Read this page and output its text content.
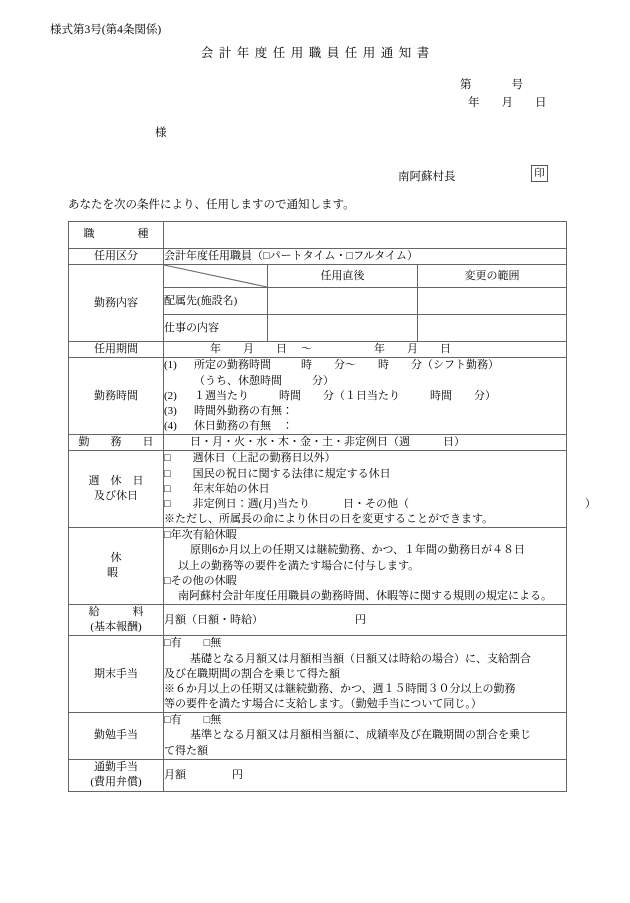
様式第3号(第4条関係)
会計年度任用職員任用通知書
第	号
年 月 日
様
南阿蘇村長	印
あなたを次の条件により、任用しますので通知します。
職　　種			
任用区分	会計年度任用職員（□パートタイム・□フルタイム）		
勤務内容		任用直後	変更の範囲
	配属先(施設名)		
	仕事の内容		
任用期間	年 月 日 ～ 年 月 日		
勤務時間	(1) 所定の勤務時間 時 分～ 時 分（シフト勤務）
（うち、休憩時間 分）
(2) １週当たり 時間 分（１日当たり 時間 分）
(3) 時間外勤務の有無：
(4) 休日勤務の有無　：		

勤　務　日	日・月・火・水・木・金・土・非定例日（週　　　日）		

週　休　日
及び休日	□　　週休日（上記の勤務日以外）
□　　国民の祝日に関する法律に規定する休日
□　　年末年始の休日
□　　非定例日：週(月)当たり　　　日・その他（　　　　　　　　　　　　　　　　）
※ただし、所属長の命により休日の日を変更することができます。		

休　　　暇	□年次有給休暇
原則6か月以上の任期又は継続勤務、かつ、１年間の勤務日が４８日
以上の勤務等の要件を満たす場合に付与します。
□その他の休暇
南阿蘇村会計年度任用職員の勤務時間、休暇等に関する規則の規定による。		

給　　　料
(基本報酬)	月額（日額・時給） 円		
期末手当	□有 □無
基礎となる月額又は月額相当額（日額又は時給の場合）に、支給割合
及び在職期間の割合を乗じて得た額
※６か月以上の任期又は継続勤務、かつ、週１５時間３０分以上の勤務
等の要件を満たす場合に支給します。（勤勉手当について同じ。）		

勤勉手当	□有 □無
基準となる月額又は月額相当額に、成績率及び在職期間の割合を乗じ
て得た額		

通勤手当
(費用弁償)	月額 円		
